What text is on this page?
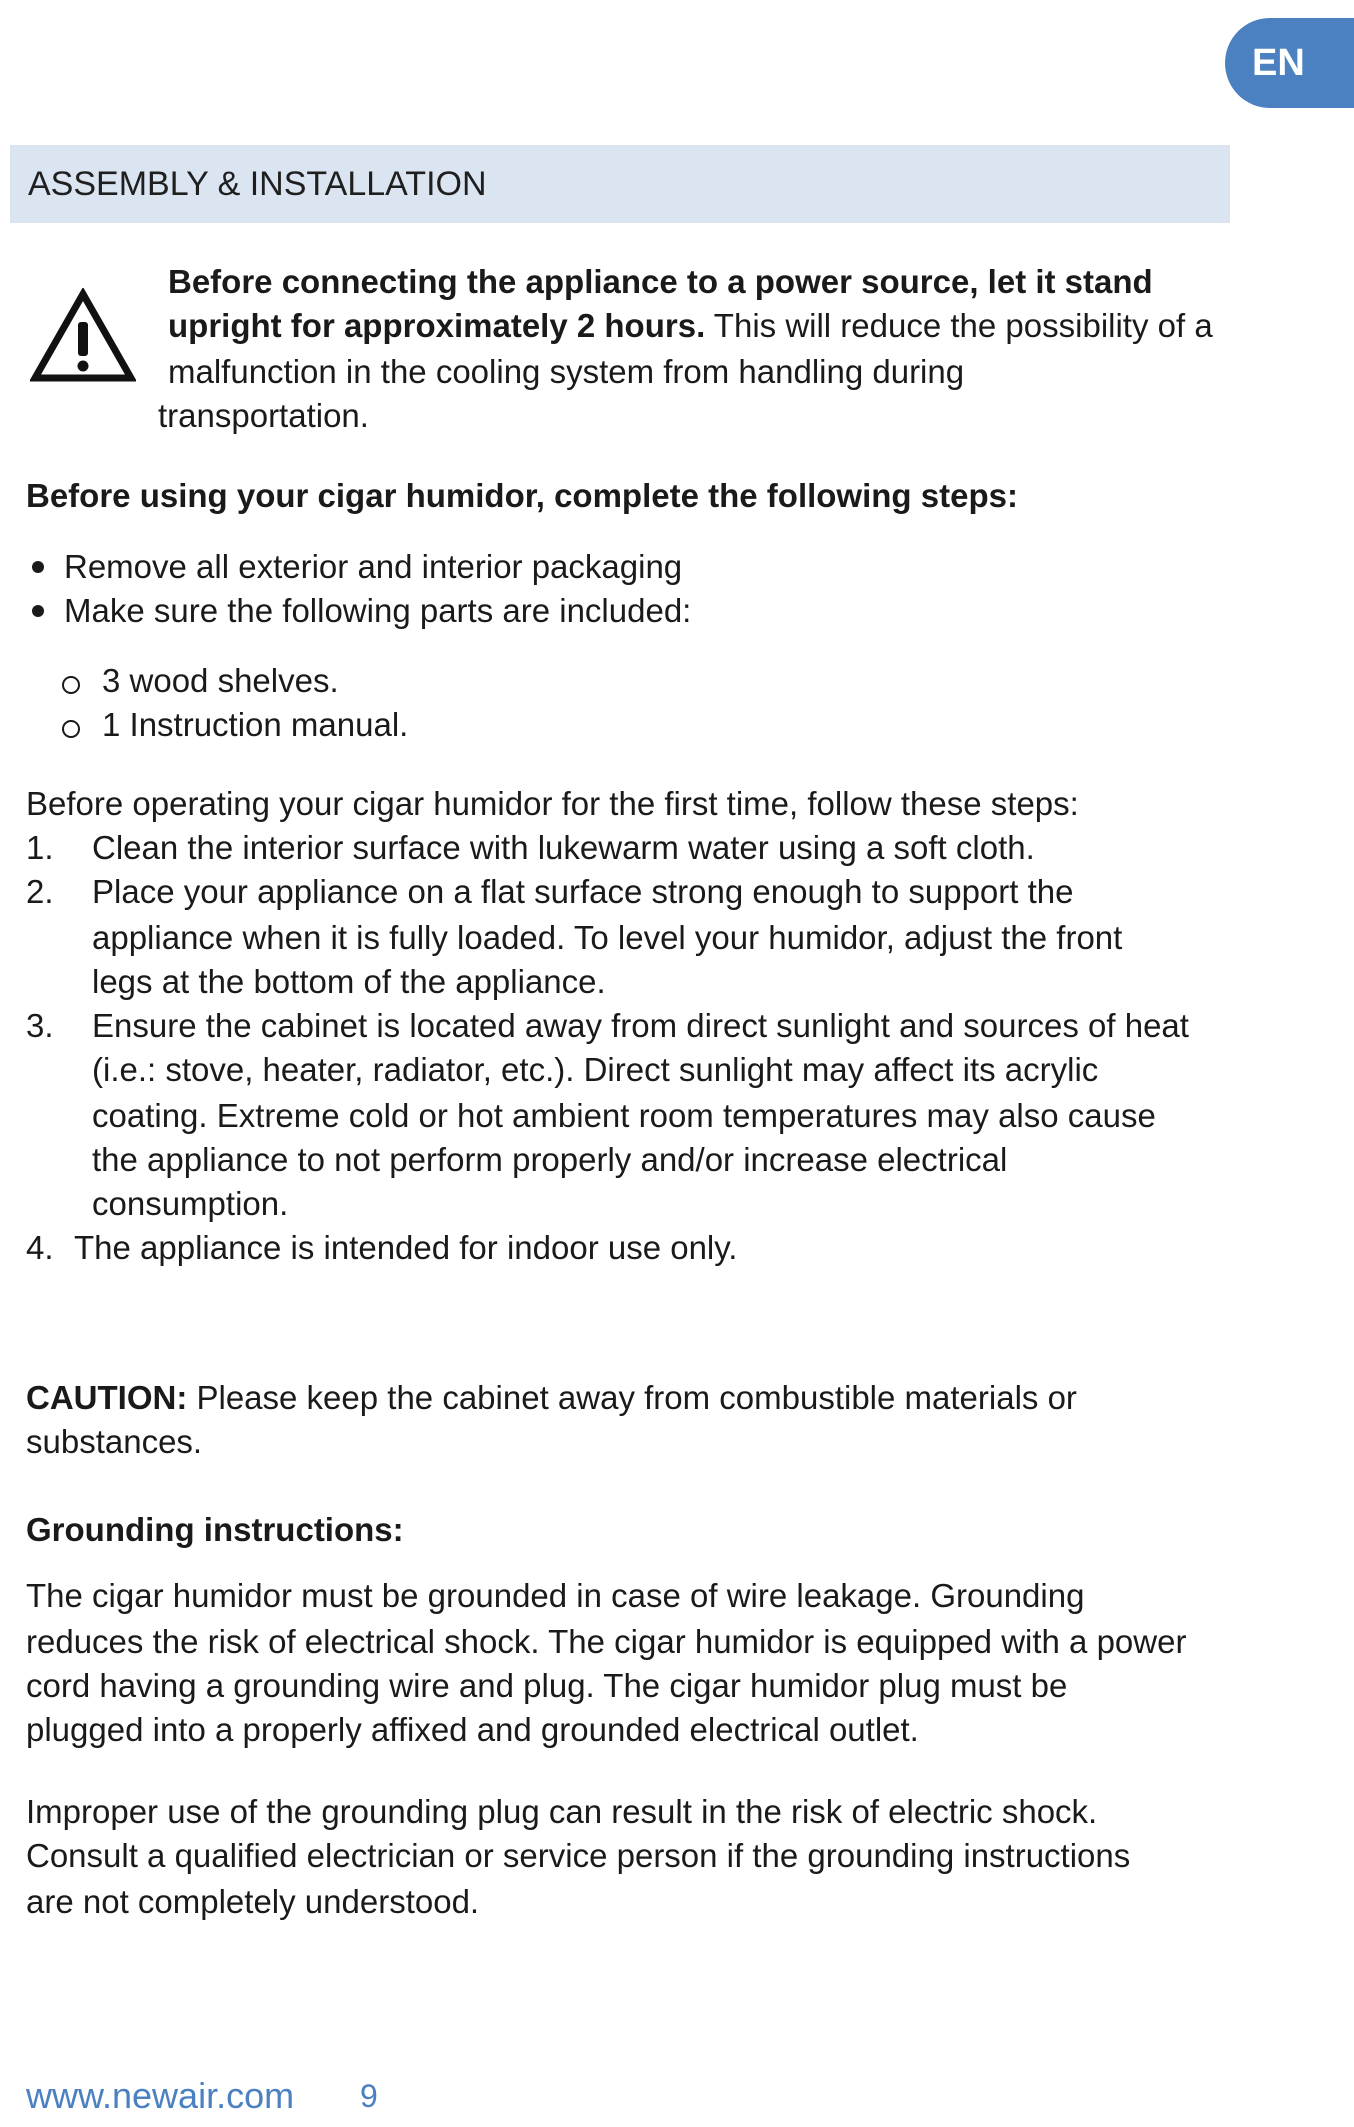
EN
ASSEMBLY & INSTALLATION
Before connecting the appliance to a power source, let it stand
upright for approximately 2 hours. This will reduce the possibility of a
malfunction in the cooling system from handling during
transportation.
Before using your cigar humidor, complete the following steps:
Remove all exterior and interior packaging
Make sure the following parts are included:
3 wood shelves.
1 Instruction manual.
Before operating your cigar humidor for the first time, follow these steps:
1. Clean the interior surface with lukewarm water using a soft cloth.
2. Place your appliance on a flat surface strong enough to support the
appliance when it is fully loaded. To level your humidor, adjust the front
legs at the bottom of the appliance.
3. Ensure the cabinet is located away from direct sunlight and sources of heat
(i.e.: stove, heater, radiator, etc.). Direct sunlight may affect its acrylic
coating. Extreme cold or hot ambient room temperatures may also cause
the appliance to not perform properly and/or increase electrical
consumption.
4. The appliance is intended for indoor use only.
CAUTION: Please keep the cabinet away from combustible materials or
substances.
Grounding instructions:
The cigar humidor must be grounded in case of wire leakage. Grounding
reduces the risk of electrical shock. The cigar humidor is equipped with a power
cord having a grounding wire and plug. The cigar humidor plug must be
plugged into a properly affixed and grounded electrical outlet.
Improper use of the grounding plug can result in the risk of electric shock.
Consult a qualified electrician or service person if the grounding instructions
are not completely understood.
www.newair.com 9
